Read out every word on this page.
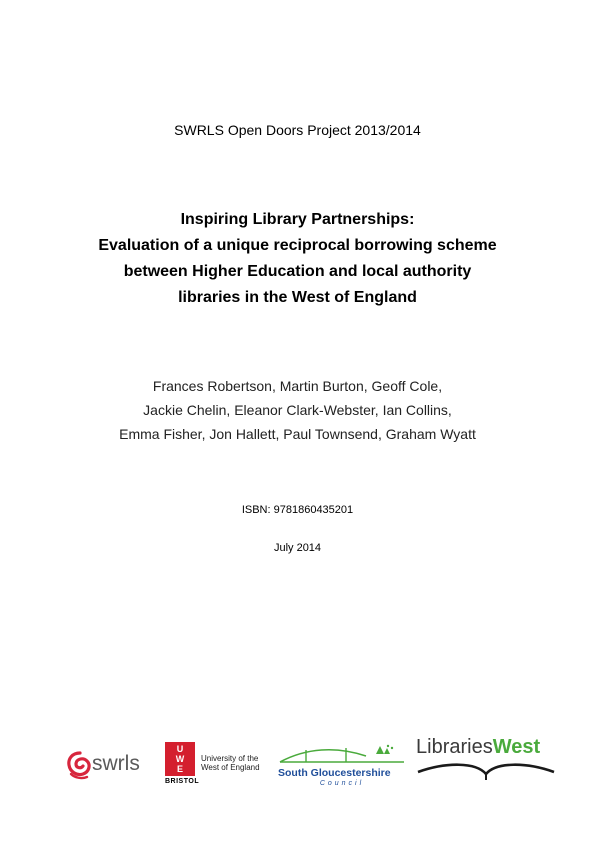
SWRLS Open Doors Project 2013/2014
Inspiring Library Partnerships:
Evaluation of a unique reciprocal borrowing scheme
between Higher Education and local authority
libraries in the West of England
Frances Robertson, Martin Burton, Geoff Cole,
Jackie Chelin, Eleanor Clark-Webster, Ian Collins,
Emma Fisher, Jon Hallett, Paul Townsend, Graham Wyatt
ISBN: 9781860435201
July 2014
swrls
U
W
E
BRISTOL
University of the
West of England South Gloucestershire
Council
LibrariesWest
